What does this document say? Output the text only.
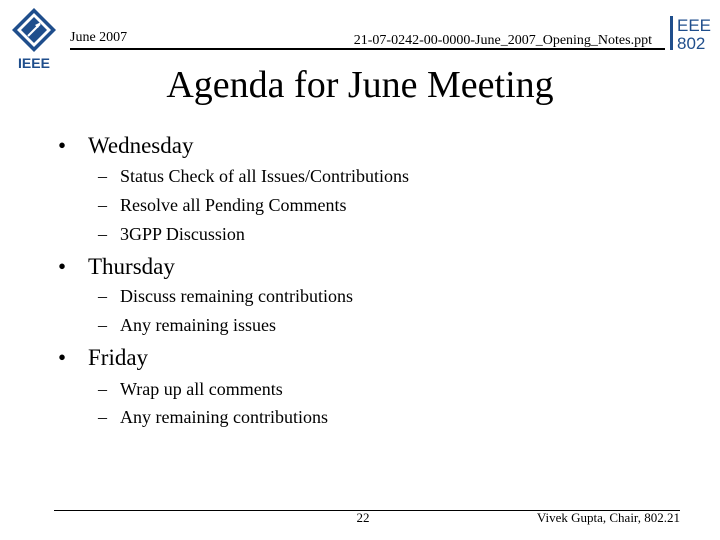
IEEE
June 2007	21-07-0242-00-0000-June_2007_Opening_Notes.ppt
EEE
802
Agenda for June Meeting
• Wednesday
– Status Check of all Issues/Contributions
– Resolve all Pending Comments
– 3GPP Discussion
• Thursday
– Discuss remaining contributions
– Any remaining issues
• Friday
– Wrap up all comments
– Any remaining contributions
22	Vivek Gupta, Chair, 802.21
